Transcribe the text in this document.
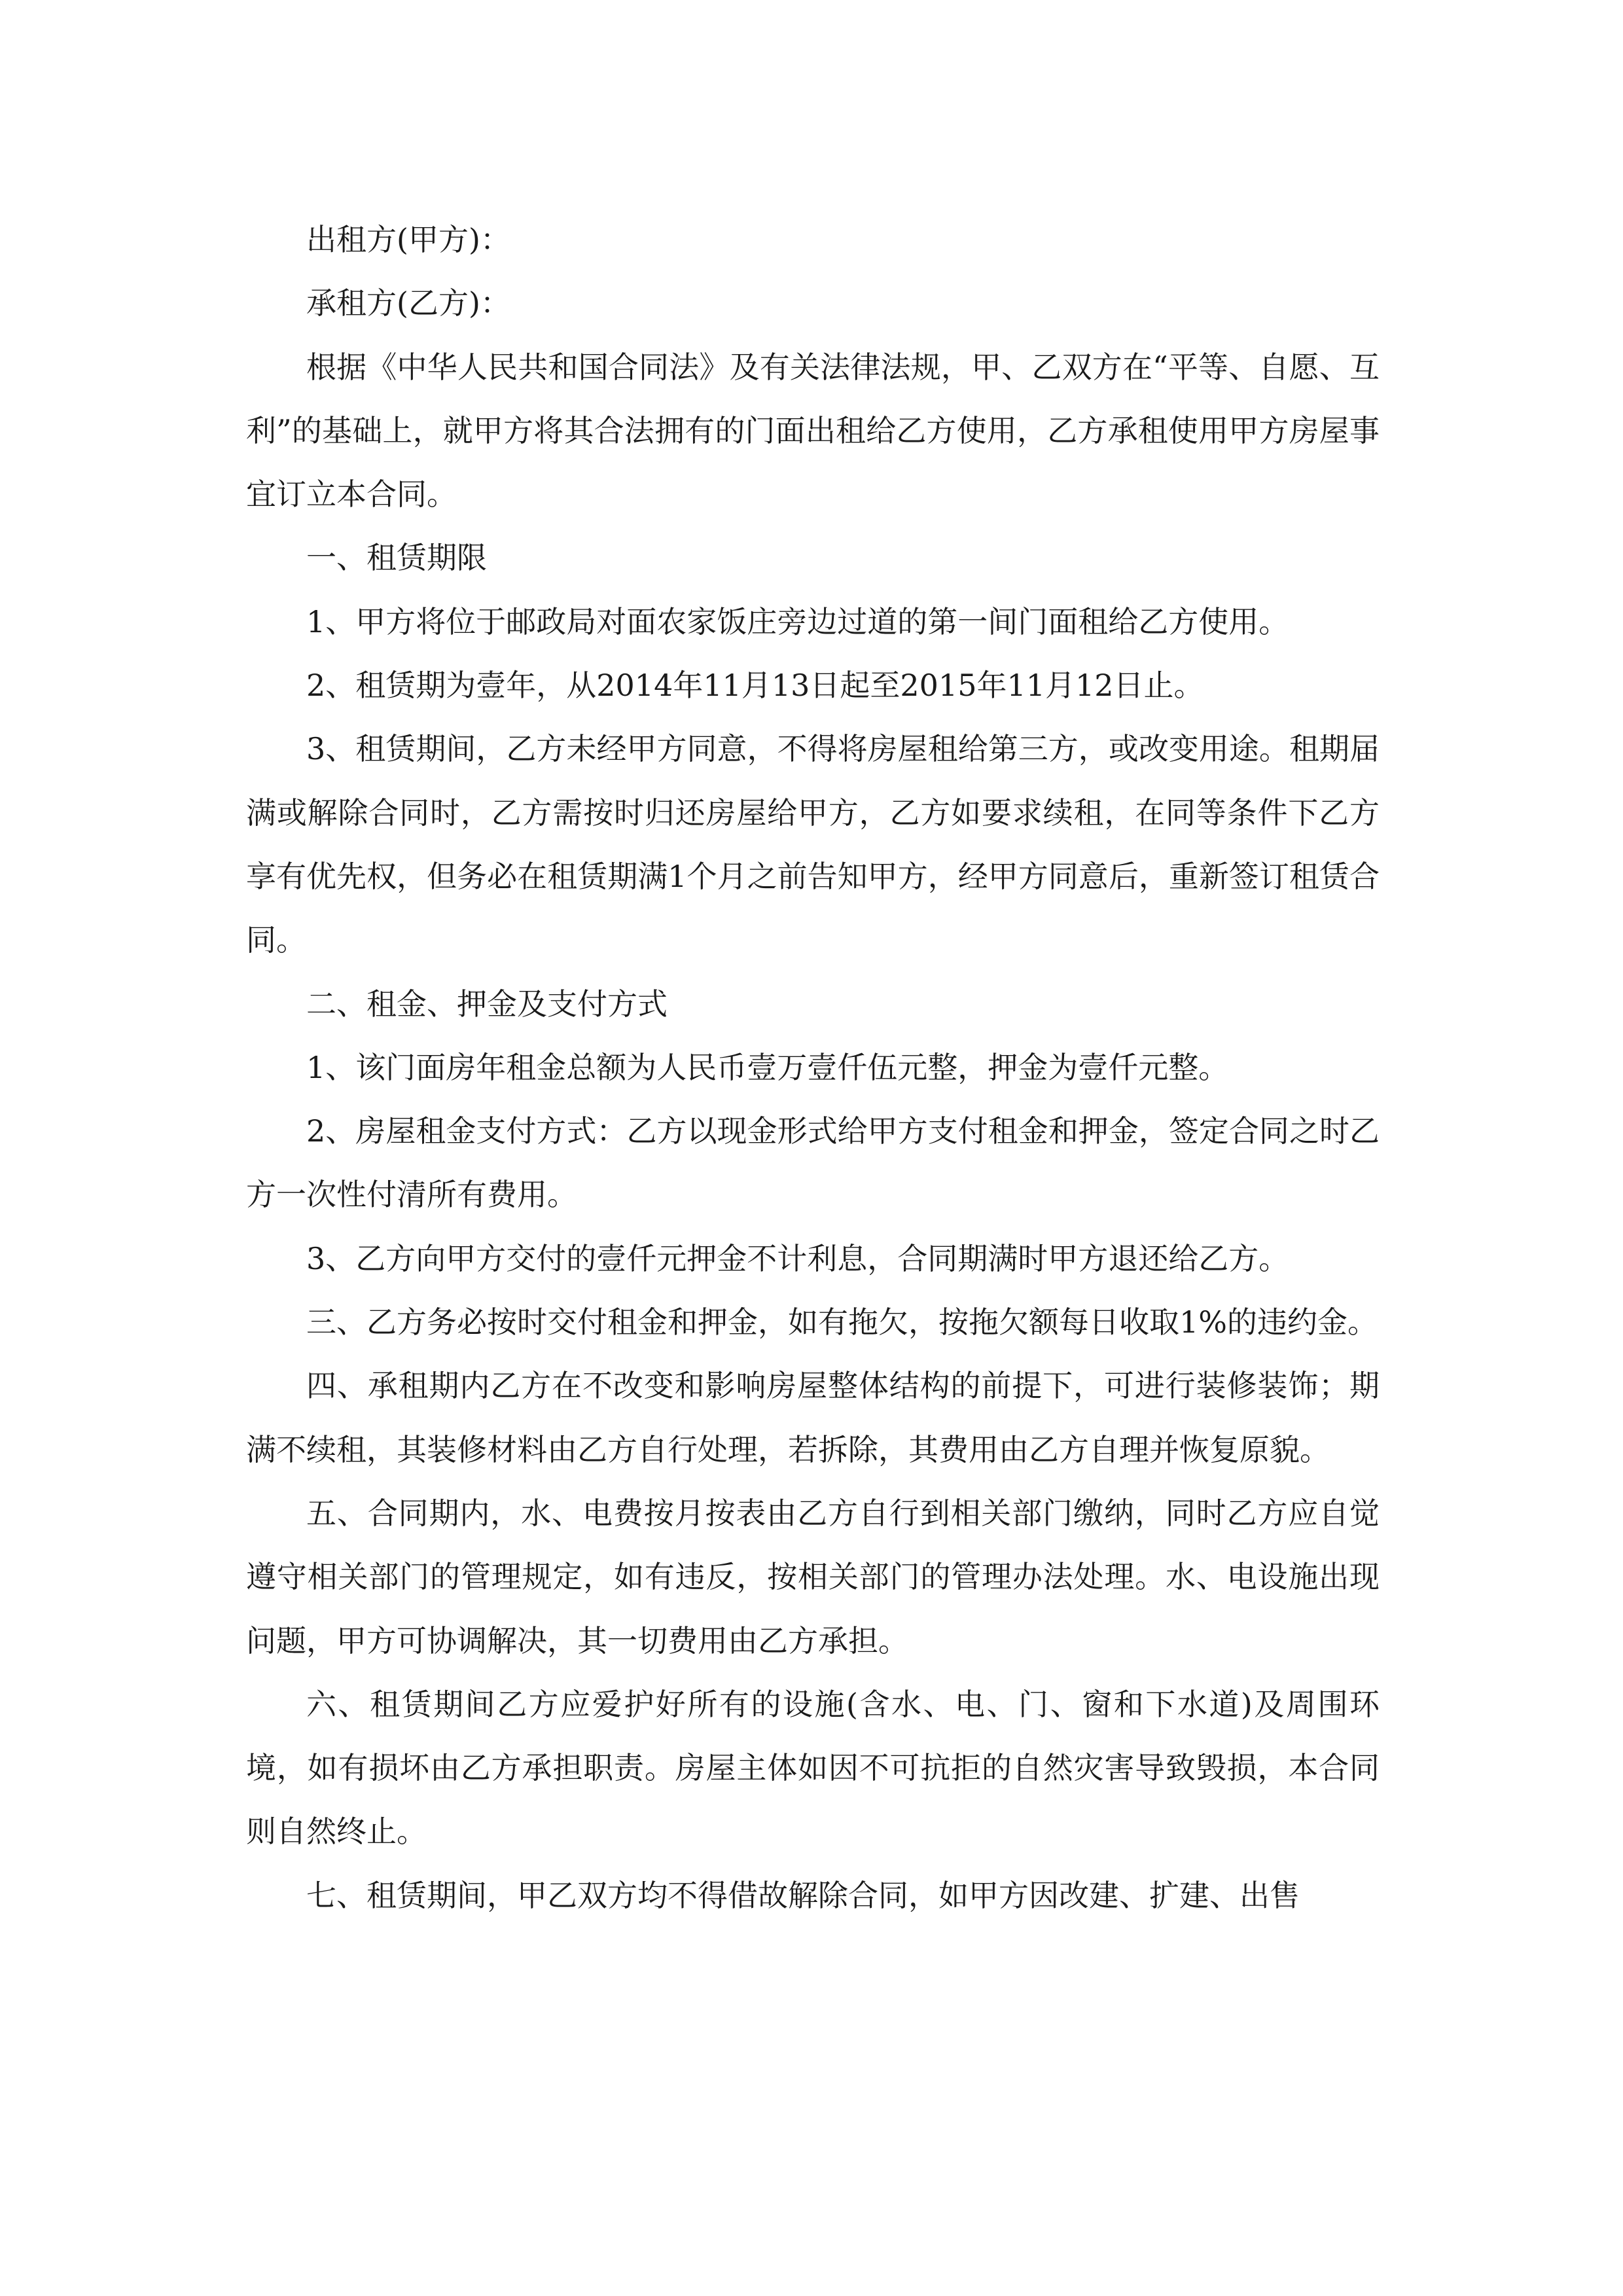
出租方(甲方)：

承租方(乙方)：

根据《中华人民共和国合同法》及有关法律法规，甲、乙双方在“平等、自愿、互利”的基础上，就甲方将其合法拥有的门面出租给乙方使用，乙方承租使用甲方房屋事宜订立本合同。

一、租赁期限

1、甲方将位于邮政局对面农家饭庄旁边过道的第一间门面租给乙方使用。

2、租赁期为壹年，从2014年11月13日起至2015年11月12日止。

3、租赁期间，乙方未经甲方同意，不得将房屋租给第三方，或改变用途。租期届满或解除合同时，乙方需按时归还房屋给甲方，乙方如要求续租，在同等条件下乙方享有优先权，但务必在租赁期满1个月之前告知甲方，经甲方同意后，重新签订租赁合同。

二、租金、押金及支付方式

1、该门面房年租金总额为人民币壹万壹仟伍元整，押金为壹仟元整。

2、房屋租金支付方式：乙方以现金形式给甲方支付租金和押金，签定合同之时乙方一次性付清所有费用。

3、乙方向甲方交付的壹仟元押金不计利息，合同期满时甲方退还给乙方。

三、乙方务必按时交付租金和押金，如有拖欠，按拖欠额每日收取1%的违约金。

四、承租期内乙方在不改变和影响房屋整体结构的前提下，可进行装修装饰；期满不续租，其装修材料由乙方自行处理，若拆除，其费用由乙方自理并恢复原貌。

五、合同期内，水、电费按月按表由乙方自行到相关部门缴纳，同时乙方应自觉遵守相关部门的管理规定，如有违反，按相关部门的管理办法处理。水、电设施出现问题，甲方可协调解决，其一切费用由乙方承担。

六、租赁期间乙方应爱护好所有的设施(含水、电、门、窗和下水道)及周围环境，如有损坏由乙方承担职责。房屋主体如因不可抗拒的自然灾害导致毁损，本合同则自然终止。

七、租赁期间，甲乙双方均不得借故解除合同，如甲方因改建、扩建、出售
